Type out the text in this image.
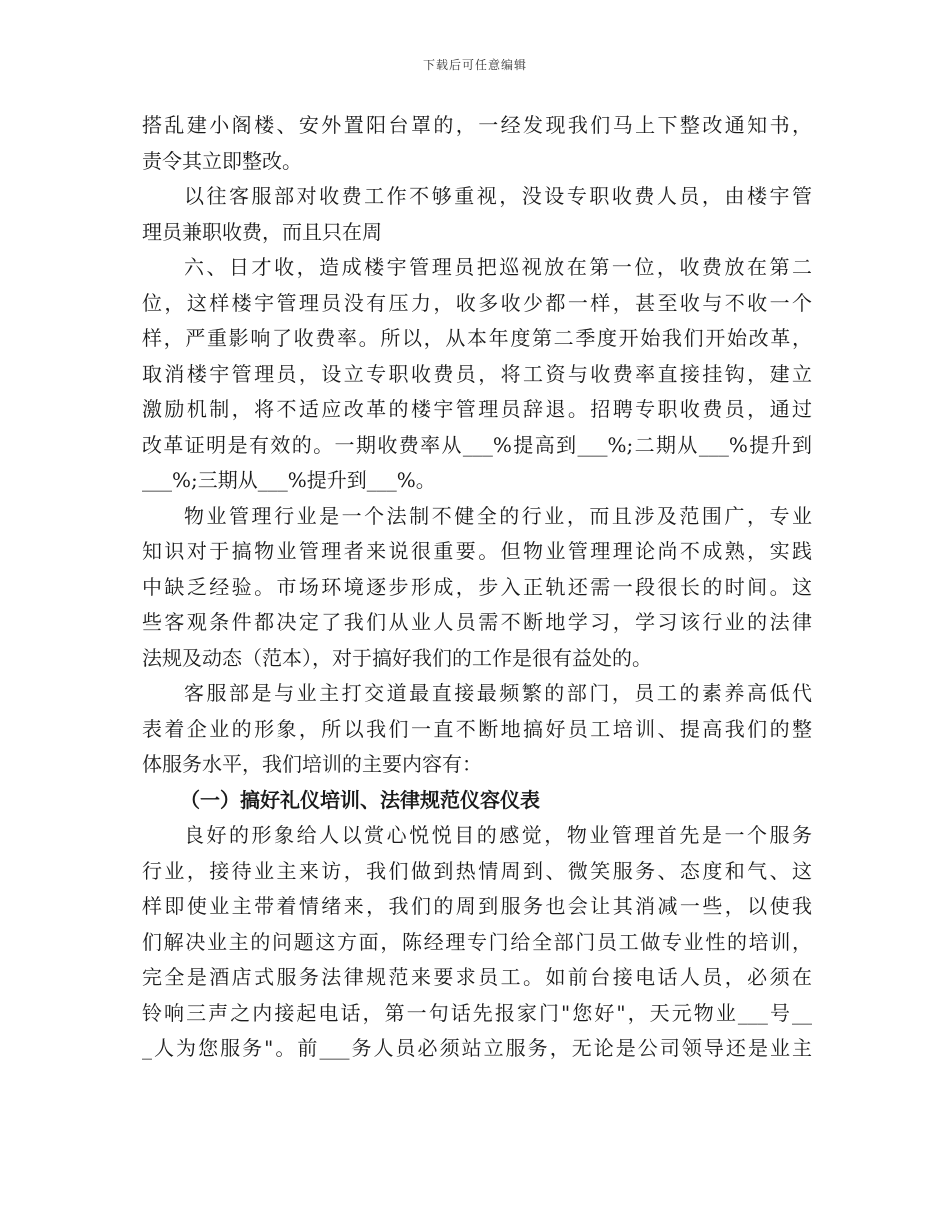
下载后可任意编辑
搭乱建小阁楼、安外置阳台罩的，一经发现我们马上下整改通知书，
责令其立即整改。
以往客服部对收费工作不够重视，没设专职收费人员，由楼宇管
理员兼职收费，而且只在周
六、日才收，造成楼宇管理员把巡视放在第一位，收费放在第二
位，这样楼宇管理员没有压力，收多收少都一样，甚至收与不收一个
样，严重影响了收费率。所以，从本年度第二季度开始我们开始改革，
取消楼宇管理员，设立专职收费员，将工资与收费率直接挂钩，建立
激励机制，将不适应改革的楼宇管理员辞退。招聘专职收费员，通过
改革证明是有效的。一期收费率从___%提高到___%;二期从___%提升到
___%;三期从___%提升到___%。
物业管理行业是一个法制不健全的行业，而且涉及范围广，专业
知识对于搞物业管理者来说很重要。但物业管理理论尚不成熟，实践
中缺乏经验。市场环境逐步形成，步入正轨还需一段很长的时间。这
些客观条件都决定了我们从业人员需不断地学习，学习该行业的法律
法规及动态（范本），对于搞好我们的工作是很有益处的。
客服部是与业主打交道最直接最频繁的部门，员工的素养高低代
表着企业的形象，所以我们一直不断地搞好员工培训、提高我们的整
体服务水平，我们培训的主要内容有：
（一）搞好礼仪培训、法律规范仪容仪表
良好的形象给人以赏心悦悦目的感觉，物业管理首先是一个服务
行业，接待业主来访，我们做到热情周到、微笑服务、态度和气、这
样即使业主带着情绪来，我们的周到服务也会让其消减一些，以使我
们解决业主的问题这方面，陈经理专门给全部门员工做专业性的培训，
完全是酒店式服务法律规范来要求员工。如前台接电话人员，必须在
铃响三声之内接起电话，第一句话先报家门"您好"，天元物业___号__
_人为您服务"。前___务人员必须站立服务，无论是公司领导还是业主
